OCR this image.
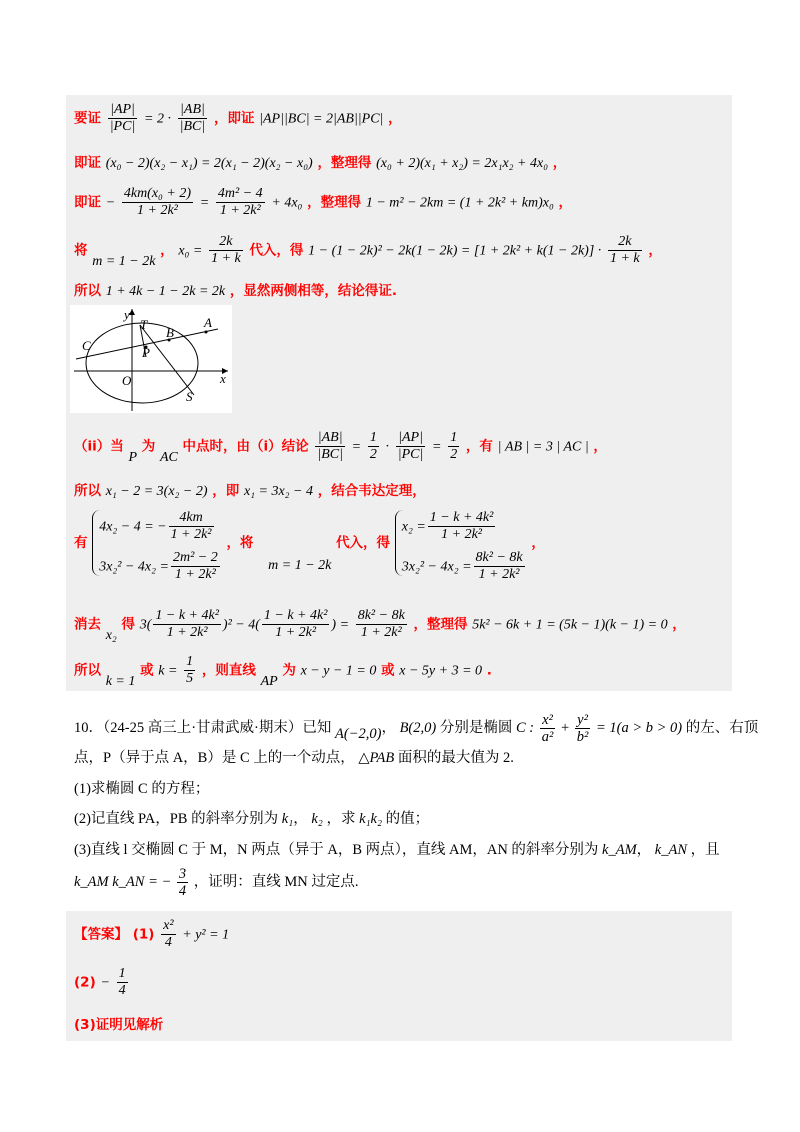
要证 $\frac{|AP|}{|PC|} = 2 \cdot \frac{|AB|}{|BC|}$ ，即证 |AP||BC| = 2|AB||PC| ，
即证 (x₀ − 2)(x₂ − x₁) = 2(x₁ − 2)(x₂ − x₀) ，整理得 (x₀ + 2)(x₁ + x₂) = 2x₁x₂ + 4x₀ ，
即证 − $\frac{\text{4km(x₀ + 2)}}{\text{1 + 2k²}} = \frac{\text{4m² − 4}}{\text{1 + 2k²}} + 4x_0$ ，整理得 1 − m² − 2km = (1 + 2k² + km)x₀ ，
将 m = 1 − 2k ， $x_0 = \frac{2k}{1 + k}$ 代入，得 $1 - (1 - 2k)^2 - 2k(1 - 2k) = [1 + 2k^2 + k(1 - 2k)] \cdot \frac{2k}{1 + k}$ ，
所以 1 + 4k − 1 − 2k = 2k ，显然两侧相等，结论得证.
y
x
T
B
A
C	P
O
S
（ii）当 P 为 AC 中点时，由（i）结论 $\frac{|AB|}{|BC|} = \frac{1}{2} \cdot \frac{|AP|}{|PC|} = \frac{1}{2}$ ，有 | AB | = 3 | AC | ，
所以 x₁ − 2 = 3(x₂ − 2) ，即 x₁ = 3x₂ − 4 ，结合韦达定理，
有
4x₂ − 4 = − $\frac{4km}{\text{1 + 2k²}}$
$3x_2^2 - 4x_2 = \frac{\text{2m² − 2}}{\text{1 + 2k²}}$
，将 m = 1 − 2k 代入，得
$x_2 = \frac{\text{1 − k + 4k²}}{\text{1 + 2k²}}$
$3x_2^2 - 4x_2 = \frac{\text{8k² − 8k}}{\text{1 + 2k²}}$
，
消去 x₂ 得 $3( \frac{\text{1 − k + 4k²}}{\text{1 + 2k²}} )^2 - 4( \frac{\text{1 − k + 4k²}}{\text{1 + 2k²}}$ ) = $\frac{\text{8k² − 8k}}{\text{1 + 2k²}}$ ，整理得 5k² − 6k + 1 = (5k − 1)(k − 1) = 0 ，
所以 k = 1 或 $k = \frac{1}{5}$ ，则直线 AP 为 x − y − 1 = 0 或 x − 5y + 3 = 0 .
10．（24-25 高三上·甘肃武威·期末）已知 A(−2,0)， B(2,0) 分别是椭圆 C : $\frac{\text{x²}}{\text{a²}} + \frac{\text{y²}}{\text{b²}} = 1(a > b > 0)$ 的左、右顶
点，P（异于点 A，B）是 C 上的一个动点， △PAB 面积的最大值为 2.
(1)求椭圆 C 的方程；
(2)记直线 PA，PB 的斜率分别为 k₁， k₂ ，求 k₁k₂ 的值；
(3)直线 l 交椭圆 C 于 M，N 两点（异于 A，B 两点），直线 AM，AN 的斜率分别为 k_AM， k_AN ，且
k_AM k_AN = − $\frac{3}{4}$ ，证明：直线 MN 过定点.
【答案】 $(1) \frac{\text{x²}}{4} + y^2 = 1$
$(2) - \frac{1}{4}$
(3)证明见解析
